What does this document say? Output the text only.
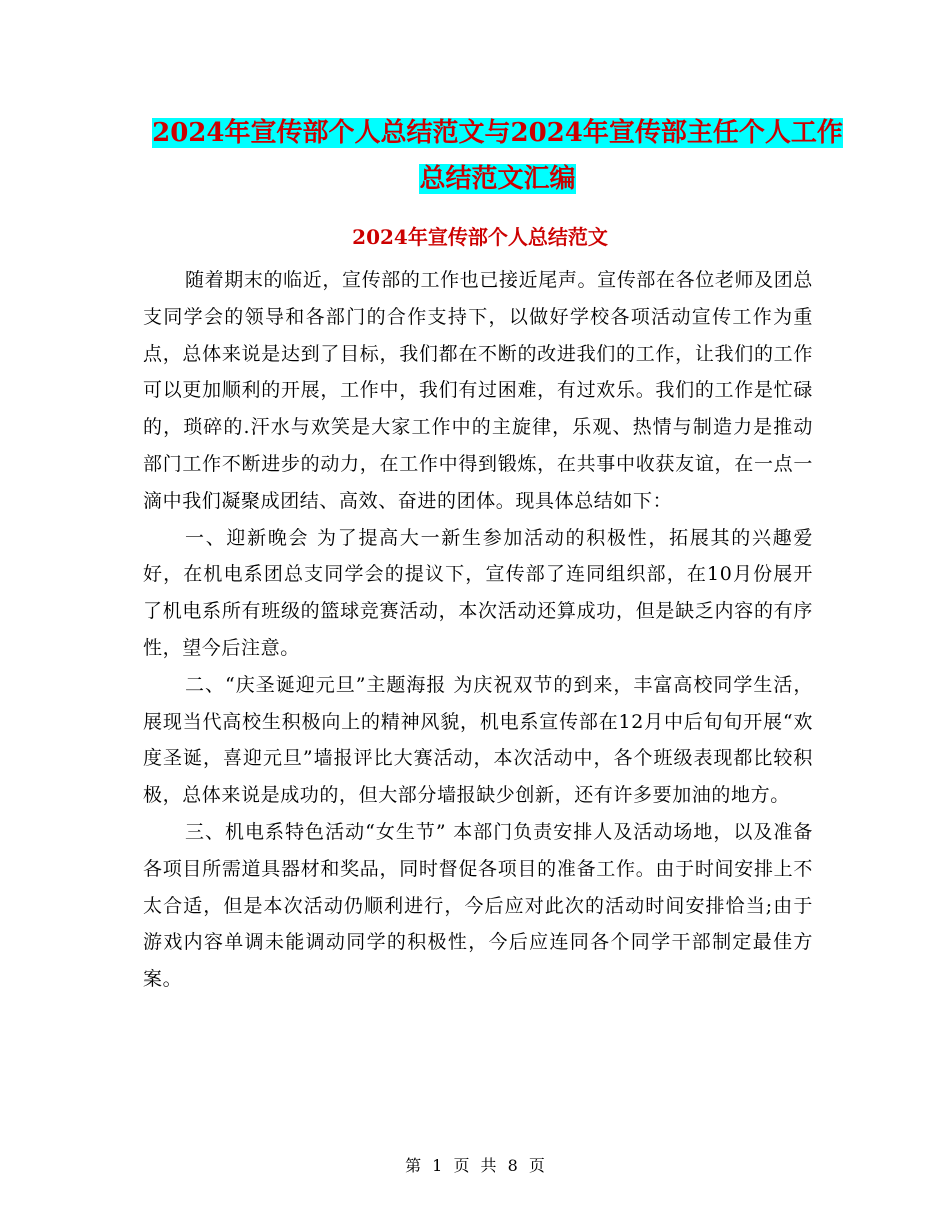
2024年宣传部个人总结范文与2024年宣传部主任个人工作总结范文汇编
2024年宣传部个人总结范文

随着期末的临近，宣传部的工作也已接近尾声。宣传部在各位老师及团总支同学会的领导和各部门的合作支持下，以做好学校各项活动宣传工作为重点，总体来说是达到了目标，我们都在不断的改进我们的工作，让我们的工作可以更加顺利的开展，工作中，我们有过困难，有过欢乐。我们的工作是忙碌的，琐碎的.汗水与欢笑是大家工作中的主旋律，乐观、热情与制造力是推动部门工作不断进步的动力，在工作中得到锻炼，在共事中收获友谊，在一点一滴中我们凝聚成团结、高效、奋进的团体。现具体总结如下：

一、迎新晚会 为了提高大一新生参加活动的积极性，拓展其的兴趣爱好，在机电系团总支同学会的提议下，宣传部了连同组织部，在10月份展开了机电系所有班级的篮球竞赛活动，本次活动还算成功，但是缺乏内容的有序性，望今后注意。

二、“庆圣诞迎元旦”主题海报 为庆祝双节的到来，丰富高校同学生活，展现当代高校生积极向上的精神风貌，机电系宣传部在12月中后旬旬开展“欢度圣诞，喜迎元旦”墙报评比大赛活动，本次活动中，各个班级表现都比较积极，总体来说是成功的，但大部分墙报缺少创新，还有许多要加油的地方。

三、机电系特色活动“女生节” 本部门负责安排人及活动场地，以及准备各项目所需道具器材和奖品，同时督促各项目的准备工作。由于时间安排上不太合适，但是本次活动仍顺利进行，今后应对此次的活动时间安排恰当;由于游戏内容单调未能调动同学的积极性，今后应连同各个同学干部制定最佳方案。

第 1 页 共 8 页
